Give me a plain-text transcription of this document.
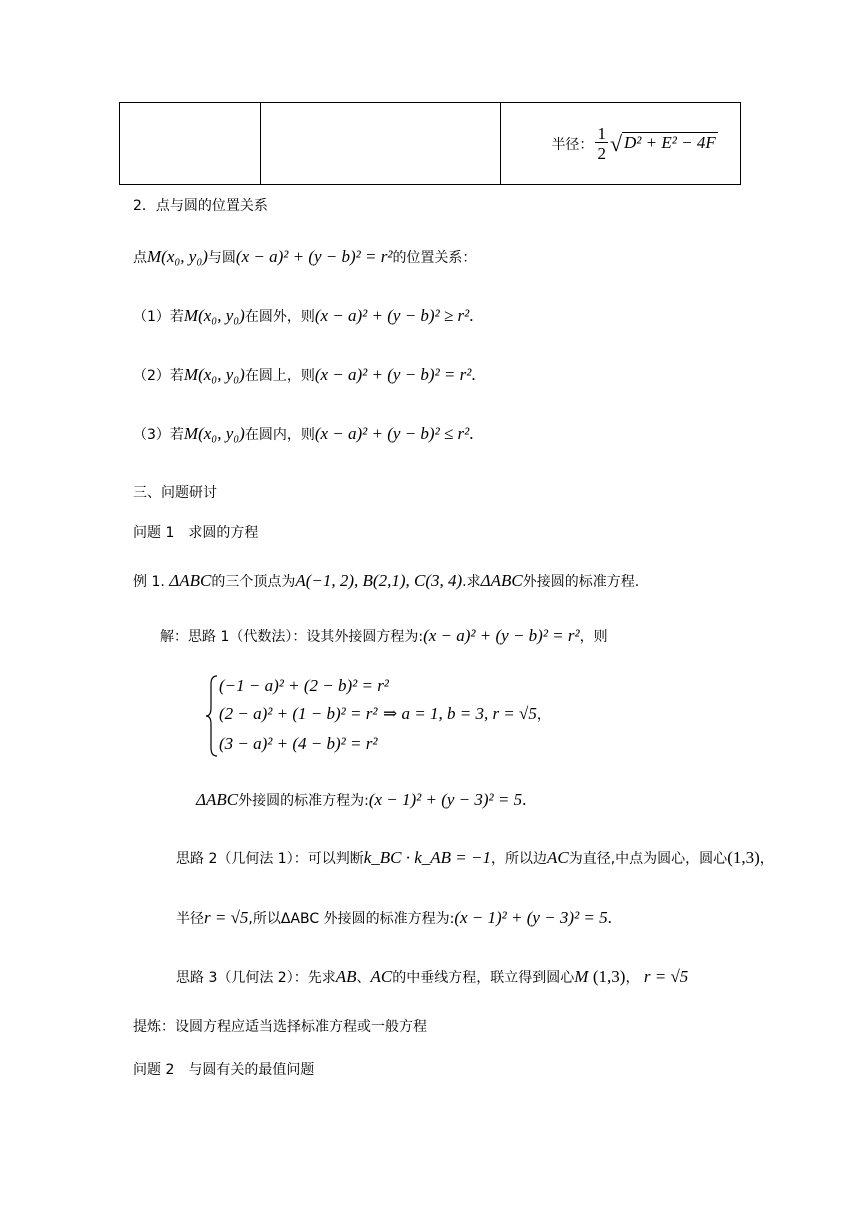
半径： $\frac{1}{2}$ √ D² + E² − 4F
2．点与圆的位置关系
点M(x₀, y₀)与圆(x − a)² + (y − b)² = r²的位置关系：
（1）若M(x₀, y₀)在圆外，则(x − a)² + (y − b)² ≥ r².
（2）若M(x₀, y₀)在圆上，则(x − a)² + (y − b)² = r².
（3）若M(x₀, y₀)在圆内，则(x − a)² + (y − b)² ≤ r².
三、问题研讨
问题 1　求圆的方程
例 1. ΔABC的三个顶点为A(−1, 2), B(2,1), C(3, 4).求ΔABC外接圆的标准方程.
解：思路 1（代数法）：设其外接圆方程为:(x − a)² + (y − b)² = r²，则
(−1 − a)² + (2 − b)² = r²
(2 − a)² + (1 − b)² = r²
(3 − a)² + (4 − b)² = r²
⇒ a = 1, b = 3, r = √5，
ΔABC外接圆的标准方程为:(x − 1)² + (y − 3)² = 5.
思路 2（几何法 1）：可以判断k_BC · k_AB = −1，所以边AC为直径,中点为圆心，圆心(1,3)，
半径r = √5,所以ΔABC 外接圆的标准方程为:(x − 1)² + (y − 3)² = 5.
思路 3（几何法 2）：先求AB、AC的中垂线方程，联立得到圆心M (1,3)， r = √5
提炼：设圆方程应适当选择标准方程或一般方程
问题 2　与圆有关的最值问题
